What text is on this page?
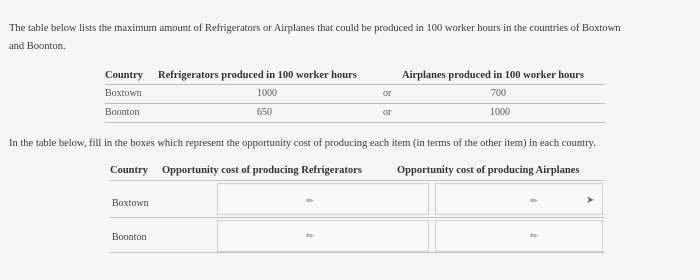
The table below lists the maximum amount of Refrigerators or Airplanes that could be produced in 100 worker hours in the countries of Boxtown
and Boonton.
Country Refrigerators produced in 100 worker hours	Airplanes produced in 100 worker hours
Boxtown	1000	or	700
Boonton	650	or	1000
In the table below, fill in the boxes which represent the opportunity cost of producing each item (in terms of the other item) in each country.
Country Opportunity cost of producing Refrigerators	Opportunity cost of producing Airplanes
Boxtown	✎	✎	➤
Boonton	✎	✎
